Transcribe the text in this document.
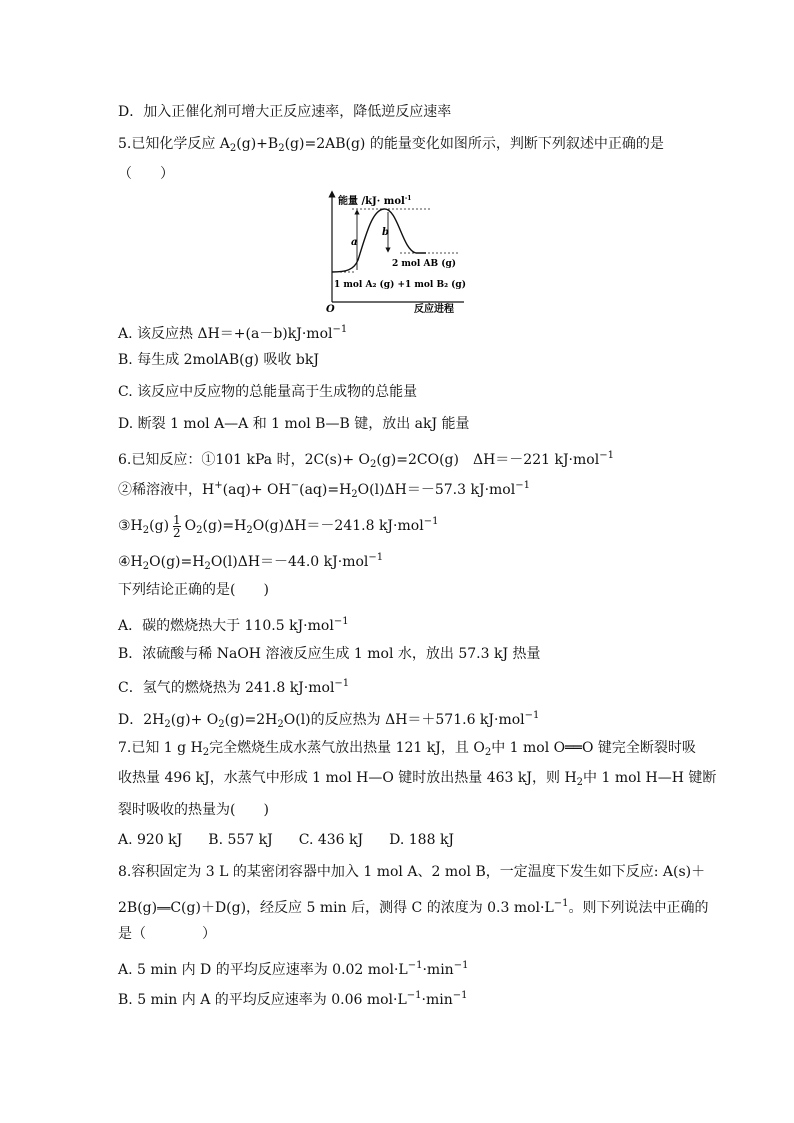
D．加入正催化剂可增大正反应速率，降低逆反应速率
5.已知化学反应 $A_2(g)+B_2(g)=2AB(g)$ 的能量变化如图所示，判断下列叙述中正确的是
（　　）
能量 /kJ· mol$^{-1}$
O	反应进程
a
b
2 mol AB (g)
1 mol A₂ (g) +1 mol B₂ (g)
A. 该反应热 ΔH＝+(a－b)kJ·mol$^{-1}$
B. 每生成 2molAB(g) 吸收 bkJ
C. 该反应中反应物的总能量高于生成物的总能量
D. 断裂 1 mol A—A 和 1 mol B—B 键，放出 akJ 能量
6.已知反应：①101 kPa 时，$2C(s)+ O_2(g)=2CO(g)$　ΔH＝－221 kJ·mol$^{-1}$
②稀溶液中，$H^+(aq)+ OH^-(aq)=H_2O(l)\Delta H=-57.3$ kJ·mol$^{-1}$
$③H_2(g) \frac{1}{2} O_2(g)=H_2O(g)\Delta H=-241.8$ kJ·mol$^{-1}$
$④H_2O(g)=H_2O(l)\Delta H=-44.0$ kJ·mol$^{-1}$
下列结论正确的是(　　)
A．碳的燃烧热大于 110.5 kJ·mol$^{-1}$
B．浓硫酸与稀 NaOH 溶液反应生成 1 mol 水，放出 57.3 kJ 热量
C．氢气的燃烧热为 241.8 kJ·mol$^{-1}$
D．$2H_2(g)+ O_2(g)=2H_2O(l)$的反应热为 ΔH＝＋571.6 kJ·mol$^{-1}$
7.已知 1 g $H_2$完全燃烧生成水蒸气放出热量 121 kJ，且 $O_2$中 1 mol O══O 键完全断裂时吸
收热量 496 kJ，水蒸气中形成 1 mol H—O 键时放出热量 463 kJ，则 $H_2$中 1 mol H—H 键断
裂时吸收的热量为(　　)
A. 920 kJ B. 557 kJ C. 436 kJ D. 188 kJ
8.容积固定为 3 L 的某密闭容器中加入 1 mol A、2 mol B，一定温度下发生如下反应: A(s)＋
2B(g)══C(g)＋D(g)，经反应 5 min 后，测得 C 的浓度为 0.3 $mol\cdot L^{-1}$。则下列说法中正确的
是（　　　　）
A. 5 min 内 D 的平均反应速率为 0.02 $mol\cdot L^{-1}\cdot\min^{-1}$
B. 5 min 内 A 的平均反应速率为 0.06 $mol\cdot L^{-1}\cdot\min^{-1}$
